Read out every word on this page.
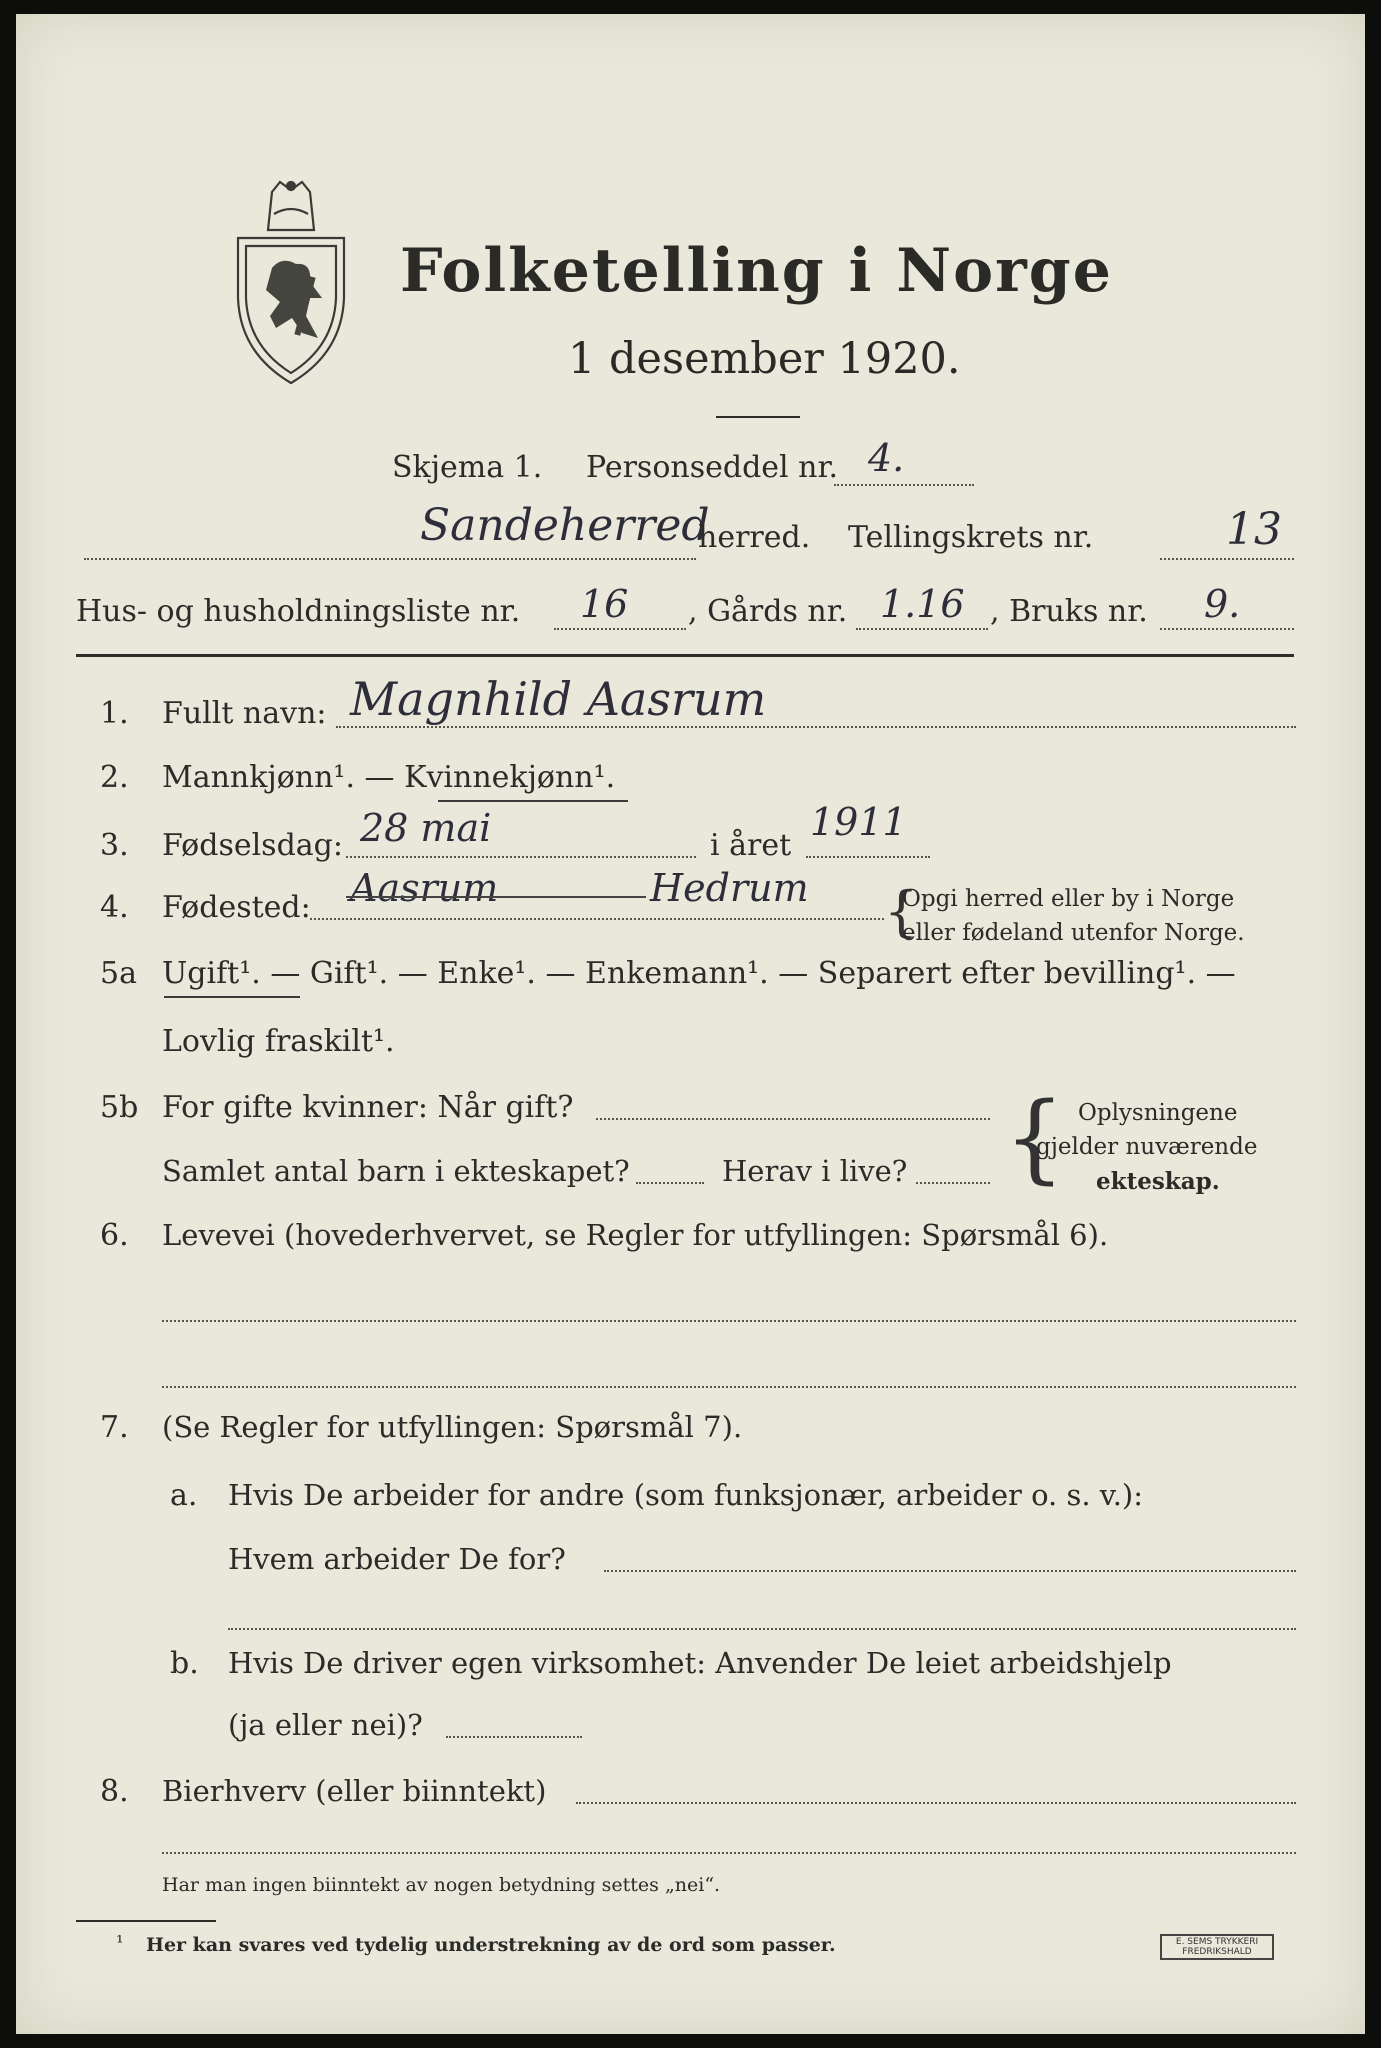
Folketelling i Norge
1 desember 1920.
Skjema 1. Personseddel nr. 4.
Sandeherred
herred. Tellingskrets nr.	13
Hus- og husholdningsliste nr. 16 , Gårds nr. 1.16 , Bruks nr. 9.
1. Fullt navn: Magnhild Aasrum
2. Mannkjønn¹. — Kvinnekjønn¹.
3. Fødselsdag: 28 mai	i året
1911
4. Fødested: Aasrum	Hedrum {
Opgi herred eller by i Norge
eller fødeland utenfor Norge.
5a Ugift¹. — Gift¹. — Enke¹. — Enkemann¹. — Separert efter bevilling¹. —
Lovlig fraskilt¹.
5b For gifte kvinner: Når gift?
Samlet antal barn i ekteskapet?	Herav i live? { Oplysningene
gjelder nuværende
ekteskap.
6. Levevei (hovederhvervet, se Regler for utfyllingen: Spørsmål 6).
7. (Se Regler for utfyllingen: Spørsmål 7).
a. Hvis De arbeider for andre (som funksjonær, arbeider o. s. v.):
Hvem arbeider De for?
b. Hvis De driver egen virksomhet: Anvender De leiet arbeidshjelp
(ja eller nei)?
8. Bierhverv (eller biinntekt)
Har man ingen biinntekt av nogen betydning settes „nei“.
¹ Her kan svares ved tydelig understrekning av de ord som passer.	E. SEMS TRYKKERI FREDRIKSHALD
